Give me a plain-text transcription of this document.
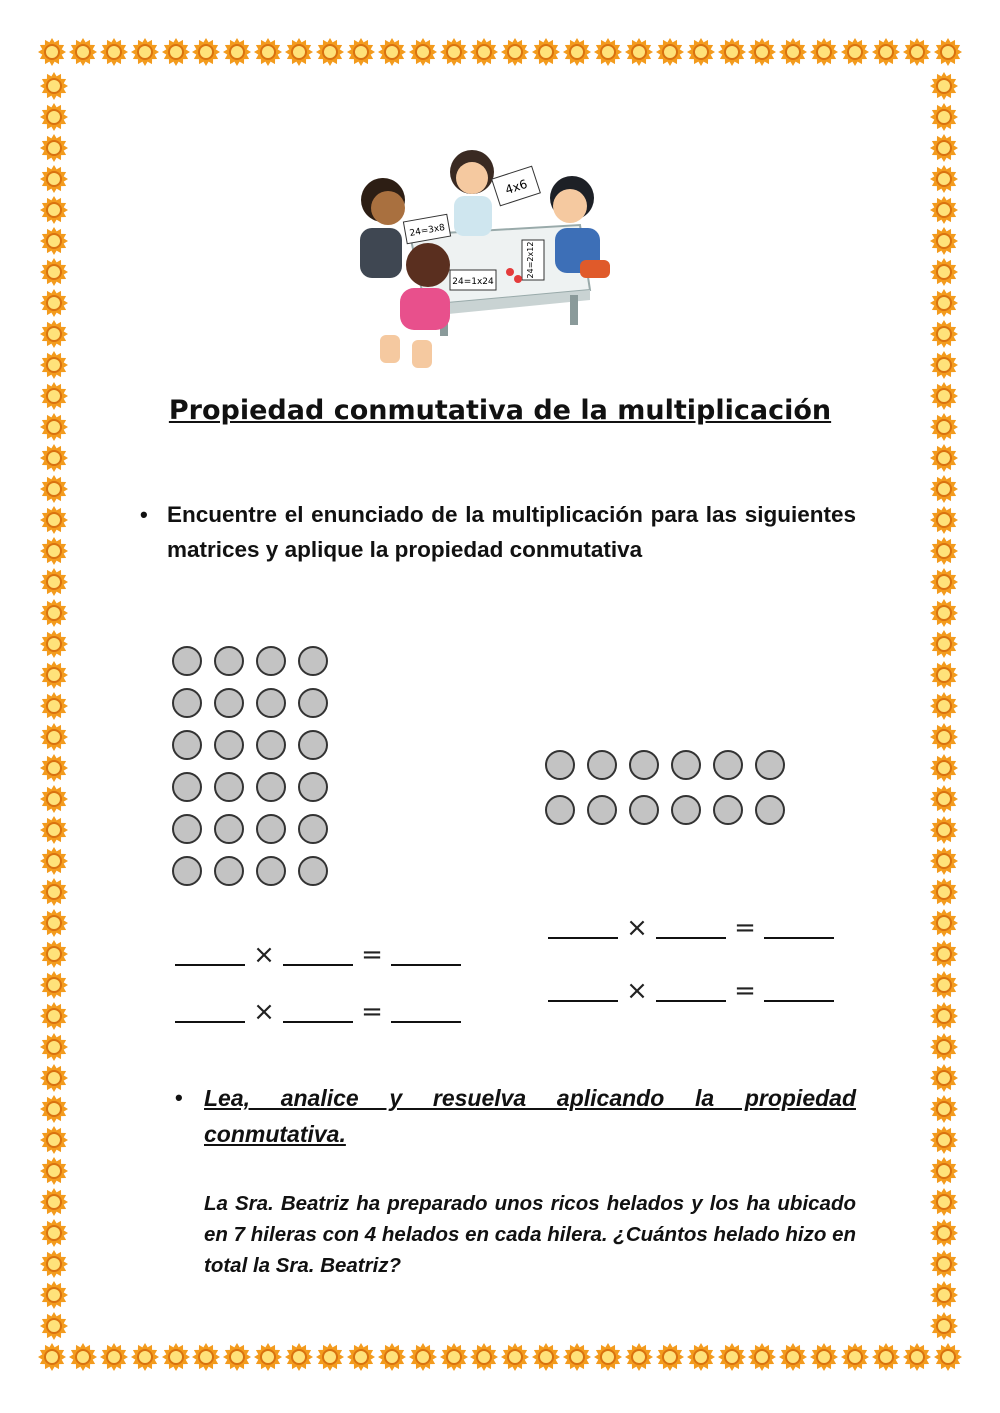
4x6
24=3x8
24=2x12
24=1x24
Propiedad conmutativa de la multiplicación
• Encuentre el enunciado de la multiplicación para las siguientes matrices y aplique la propiedad conmutativa
×	=
×	=
×	=
×	=
• Lea, analice y resuelva aplicando la propiedad conmutativa.

La Sra. Beatriz ha preparado unos ricos helados y los ha ubicado en 7 hileras con 4 helados en cada hilera. ¿Cuántos helado hizo en total la Sra. Beatriz?
